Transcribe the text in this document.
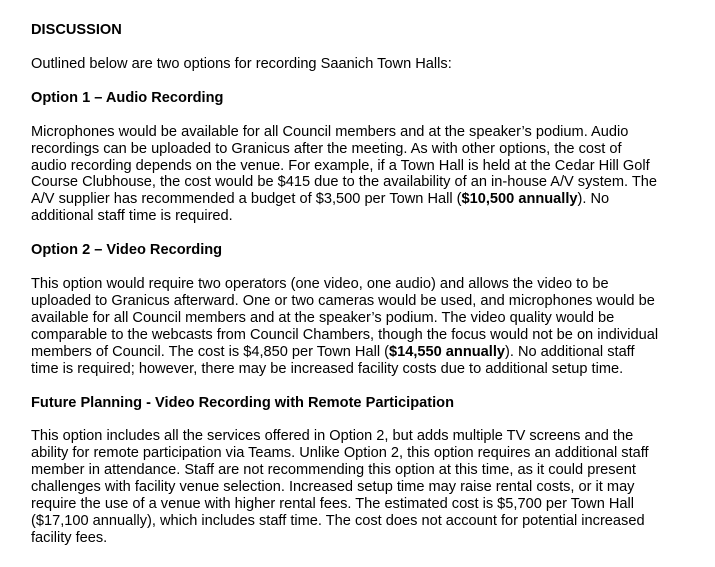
DISCUSSION

Outlined below are two options for recording Saanich Town Halls:

Option 1 – Audio Recording

Microphones would be available for all Council members and at the speaker’s podium. Audio recordings can be uploaded to Granicus after the meeting. As with other options, the cost of audio recording depends on the venue. For example, if a Town Hall is held at the Cedar Hill Golf Course Clubhouse, the cost would be $415 due to the availability of an in-house A/V system. The A/V supplier has recommended a budget of $3,500 per Town Hall ($10,500 annually). No additional staff time is required.

Option 2 – Video Recording

This option would require two operators (one video, one audio) and allows the video to be uploaded to Granicus afterward. One or two cameras would be used, and microphones would be available for all Council members and at the speaker’s podium. The video quality would be comparable to the webcasts from Council Chambers, though the focus would not be on individual members of Council. The cost is $4,850 per Town Hall ($14,550 annually). No additional staff time is required; however, there may be increased facility costs due to additional setup time.

Future Planning - Video Recording with Remote Participation

This option includes all the services offered in Option 2, but adds multiple TV screens and the ability for remote participation via Teams. Unlike Option 2, this option requires an additional staff member in attendance. Staff are not recommending this option at this time, as it could present challenges with facility venue selection. Increased setup time may raise rental costs, or it may require the use of a venue with higher rental fees. The estimated cost is $5,700 per Town Hall ($17,100 annually), which includes staff time. The cost does not account for potential increased facility fees.
